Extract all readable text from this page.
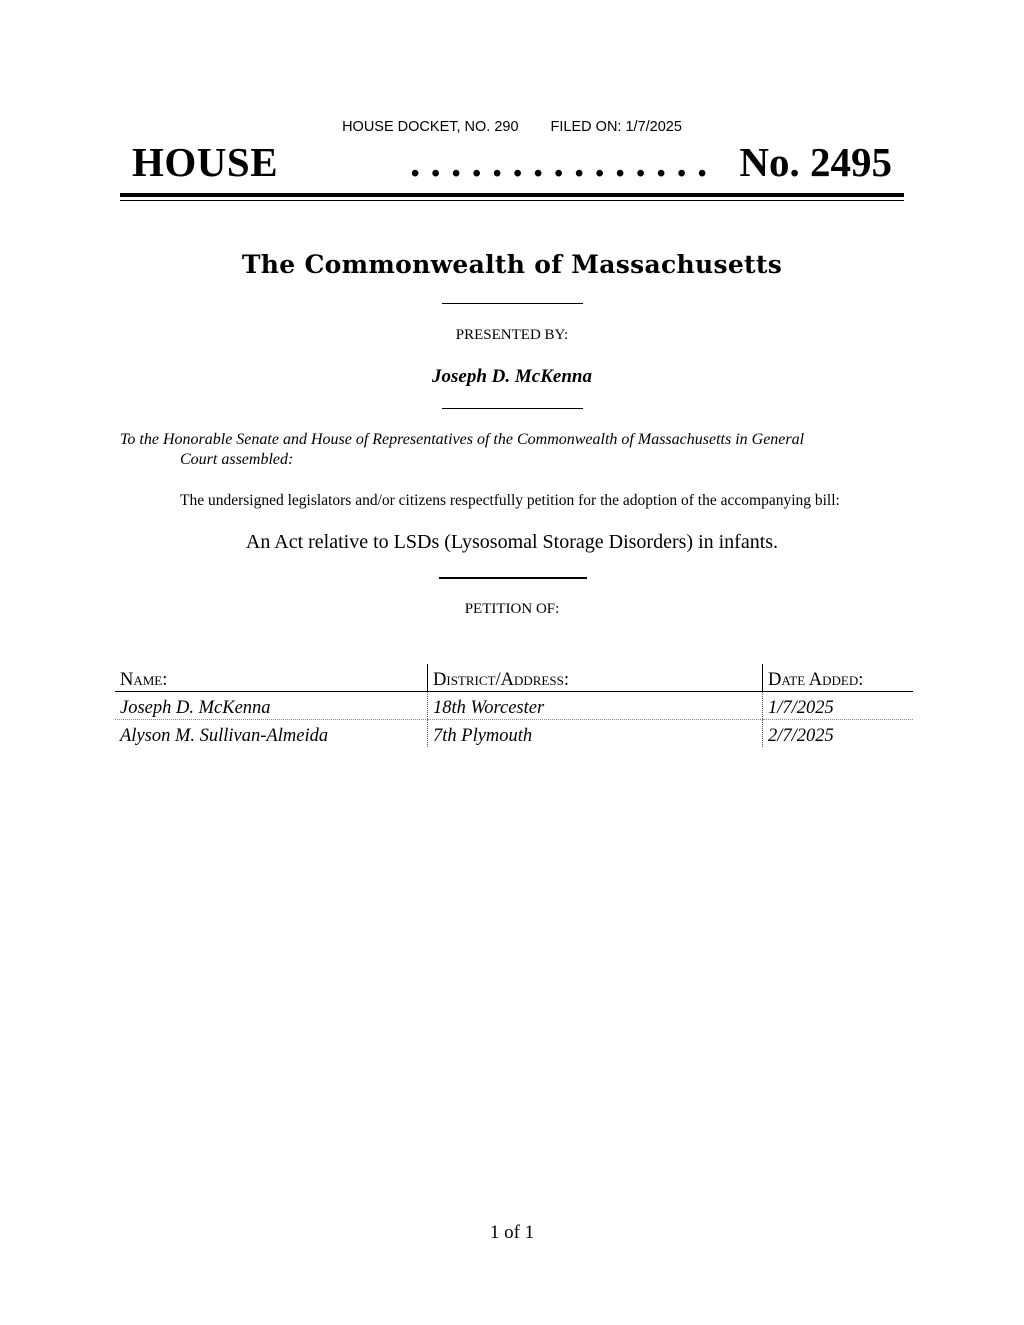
HOUSE DOCKET, NO. 290 FILED ON: 1/7/2025
HOUSE	. . . . . . . . . . . . . . . No. 2495
The Commonwealth of Massachusetts
PRESENTED BY:
Joseph D. McKenna
To the Honorable Senate and House of Representatives of the Commonwealth of Massachusetts in General
Court assembled:
The undersigned legislators and/or citizens respectfully petition for the adoption of the accompanying bill:
An Act relative to LSDs (Lysosomal Storage Disorders) in infants.
PETITION OF:
Name:	District/Address:	Date Added:
Joseph D. McKenna	18th Worcester	1/7/2025
Alyson M. Sullivan-Almeida	7th Plymouth	2/7/2025
1 of 1
